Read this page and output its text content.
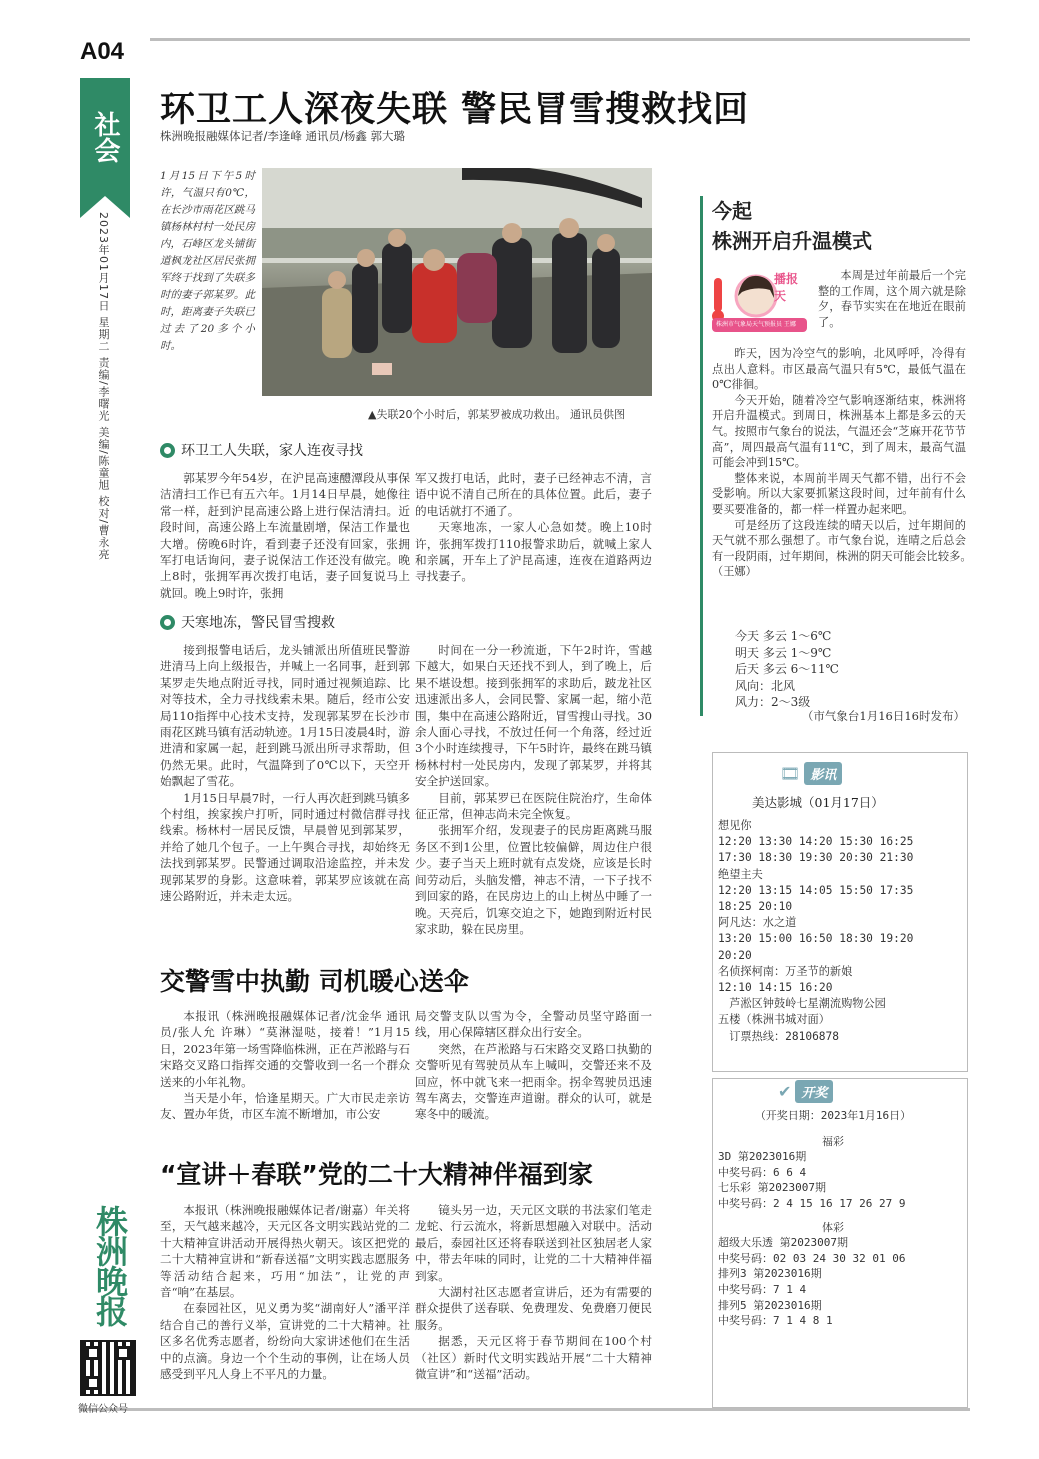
A04
社会
2023年01月17日 星期二 责编/李曙光 美编/陈童旭 校对/曹永亮
株洲晚报
微信公众号
环卫工人深夜失联 警民冒雪搜救找回
株洲晚报融媒体记者/李逢峰 通讯员/杨鑫 郭大璐
1月15日下午5时许，气温只有0℃，在长沙市雨花区跳马镇杨林村村一处民房内，石峰区龙头铺街道枫龙社区居民张拥军终于找到了失联多时的妻子郭某罗。此时，距离妻子失联已过去了20多个小时。
▲失联20个小时后，郭某罗被成功救出。 通讯员供图
环卫工人失联，家人连夜寻找

郭某罗今年54岁，在沪昆高速醴潭段从事保洁清扫工作已有五六年。1月14日早晨，她像往常一样，赶到沪昆高速公路上进行保洁清扫。近段时间，高速公路上车流量剧增，保洁工作量也大增。傍晚6时许，看到妻子还没有回家，张拥军打电话询问，妻子说保洁工作还没有做完。晚上8时，张拥军再次拨打电话，妻子回复说马上就回。晚上9时许，张拥

军又拨打电话，此时，妻子已经神志不清，言语中说不清自己所在的具体位置。此后，妻子的电话就打不通了。

天寒地冻，一家人心急如焚。晚上10时许，张拥军拨打110报警求助后，就喊上家人和亲属，开车上了沪昆高速，连夜在道路两边寻找妻子。

天寒地冻，警民冒雪搜救

接到报警电话后，龙头铺派出所值班民警游进清马上向上级报告，并喊上一名同事，赶到郭某罗走失地点附近寻找，同时通过视频追踪、比对等技术，全力寻找线索未果。随后，经市公安局110指挥中心技术支持，发现郭某罗在长沙市雨花区跳马镇有活动轨迹。1月15日凌晨4时，游进清和家属一起，赶到跳马派出所寻求帮助，但仍然无果。此时，气温降到了0℃以下，天空开始飘起了雪花。

1月15日早晨7时，一行人再次赶到跳马镇多个村组，挨家挨户打听，同时通过村微信群寻找线索。杨林村一居民反馈，早晨曾见到郭某罗，并给了她几个包子。一上午舆合寻找，却始终无法找到郭某罗。民警通过调取沿途监控，并未发现郭某罗的身影。这意味着，郭某罗应该就在高速公路附近，并未走太远。

时间在一分一秒流逝，下午2时许，雪越下越大，如果白天还找不到人，到了晚上，后果不堪设想。接到张拥军的求助后，跛龙社区迅速派出多人，会同民警、家属一起，缩小范围，集中在高速公路附近，冒雪搜山寻找。30余人面心寻找，不放过任何一个角落，经过近3个小时连续搜寻，下午5时许，最终在跳马镇杨林村村一处民房内，发现了郭某罗，并将其安全护送回家。

目前，郭某罗已在医院住院治疗，生命体征正常，但神志尚未完全恢复。

张拥军介绍，发现妻子的民房距离跳马服务区不到1公里，位置比较偏僻，周边住户很少。妻子当天上班时就有点发烧，应该是长时间劳动后，头脑发懵，神志不清，一下子找不到回家的路，在民房边上的山上树丛中睡了一晚。天亮后，饥寒交迫之下，她跑到附近村民家求助，躲在民房里。

交警雪中执勤 司机暖心送伞

本报讯（株洲晚报融媒体记者/沈金华 通讯员/张人允 许琳）“莫淋湿哒，接着！”1月15日，2023年第一场雪降临株洲，正在芦淞路与石宋路交叉路口指挥交通的交警收到一名一个群众送来的小年礼物。

当天是小年，恰逢星期天。广大市民走亲访友、置办年货，市区车流不断增加，市公安

局交警支队以雪为令，全警动员坚守路面一线，用心保障辖区群众出行安全。

突然，在芦淞路与石宋路交叉路口执勤的交警听见有驾驶员从车上喊叫，交警还来不及回应，怀中就飞来一把雨伞。拐伞驾驶员迅速驾车离去，交警连声道谢。群众的认可，就是寒冬中的暖流。

“宣讲＋春联”党的二十大精神伴福到家

本报讯（株洲晚报融媒体记者/谢嘉）年关将至，天气越来越冷，天元区各文明实践站党的二十大精神宣讲活动开展得热火朝天。该区把党的二十大精神宣讲和“新春送福”文明实践志愿服务等活动结合起来，巧用“加法”，让党的声音“响”在基层。

在泰园社区，见义勇为奖“湖南好人”潘平洋结合自己的善行义举，宣讲党的二十大精神。社区多名优秀志愿者，纷纷向大家讲述他们在生活中的点滴。身边一个个生动的事例，让在场人员感受到平凡人身上不平凡的力量。

镜头另一边，天元区文联的书法家们笔走龙蛇、行云流水，将新思想融入对联中。活动最后，泰园社区还将春联送到社区独居老人家中，带去年味的同时，让党的二十大精神伴福到家。

大湖村社区志愿者宣讲后，还为有需要的群众提供了送春联、免费理发、免费磨刀便民服务。

据悉，天元区将于春节期间在100个村（社区）新时代文明实践站开展“二十大精神微宣讲”和“送福”活动。

今起
株洲开启升温模式
播报天
株洲市气象局天气预报员 王娜

本周是过年前最后一个完整的工作周，这个周六就是除夕，春节实实在在地近在眼前了。

昨天，因为冷空气的影响，北风呼呼，冷得有点出人意料。市区最高气温只有5℃，最低气温在0℃徘徊。

今天开始，随着冷空气影响逐渐结束，株洲将开启升温模式。到周日，株洲基本上都是多云的天气。按照市气象台的说法，气温还会“芝麻开花节节高”，周四最高气温有11℃，到了周末，最高气温可能会冲到15℃。

整体来说，本周前半周天气都不错，出行不会受影响。所以大家要抓紧这段时间，过年前有什么要买要准备的，都一样一样置办起来吧。

可是经历了这段连续的晴天以后，过年期间的天气就不那么强想了。市气象台说，连晴之后总会有一段阴雨，过年期间，株洲的阴天可能会比较多。　　　（王娜）

今天 多云 1～6℃
明天 多云 1～9℃
后天 多云 6～11℃
风向：北风
风力：2～3级
（市气象台1月16日16时发布）
🎞 影讯
美达影城（01月17日）
想见你
12:20 13:30 14:20 15:30 16:25
17:30 18:30 19:30 20:30 21:30
绝望主夫
12:20 13:15 14:05 15:50 17:35
18:25 20:10
阿凡达：水之道
13:20 15:00 16:50 18:30 19:20
20:20
名侦探柯南：万圣节的新娘
12:10 14:15 16:20
　芦淞区钟鼓岭七星潮流购物公园
五楼（株洲书城对面）
　订票热线：28106878
✔ 开奖
（开奖日期：2023年1月16日）
福彩
3D 第2023016期
中奖号码：6 6 4
七乐彩 第2023007期
中奖号码：2 4 15 16 17 26 27 9
体彩
超级大乐透 第2023007期
中奖号码：02 03 24 30 32 01 06
排列3 第2023016期
中奖号码：7 1 4
排列5 第2023016期
中奖号码：7 1 4 8 1
